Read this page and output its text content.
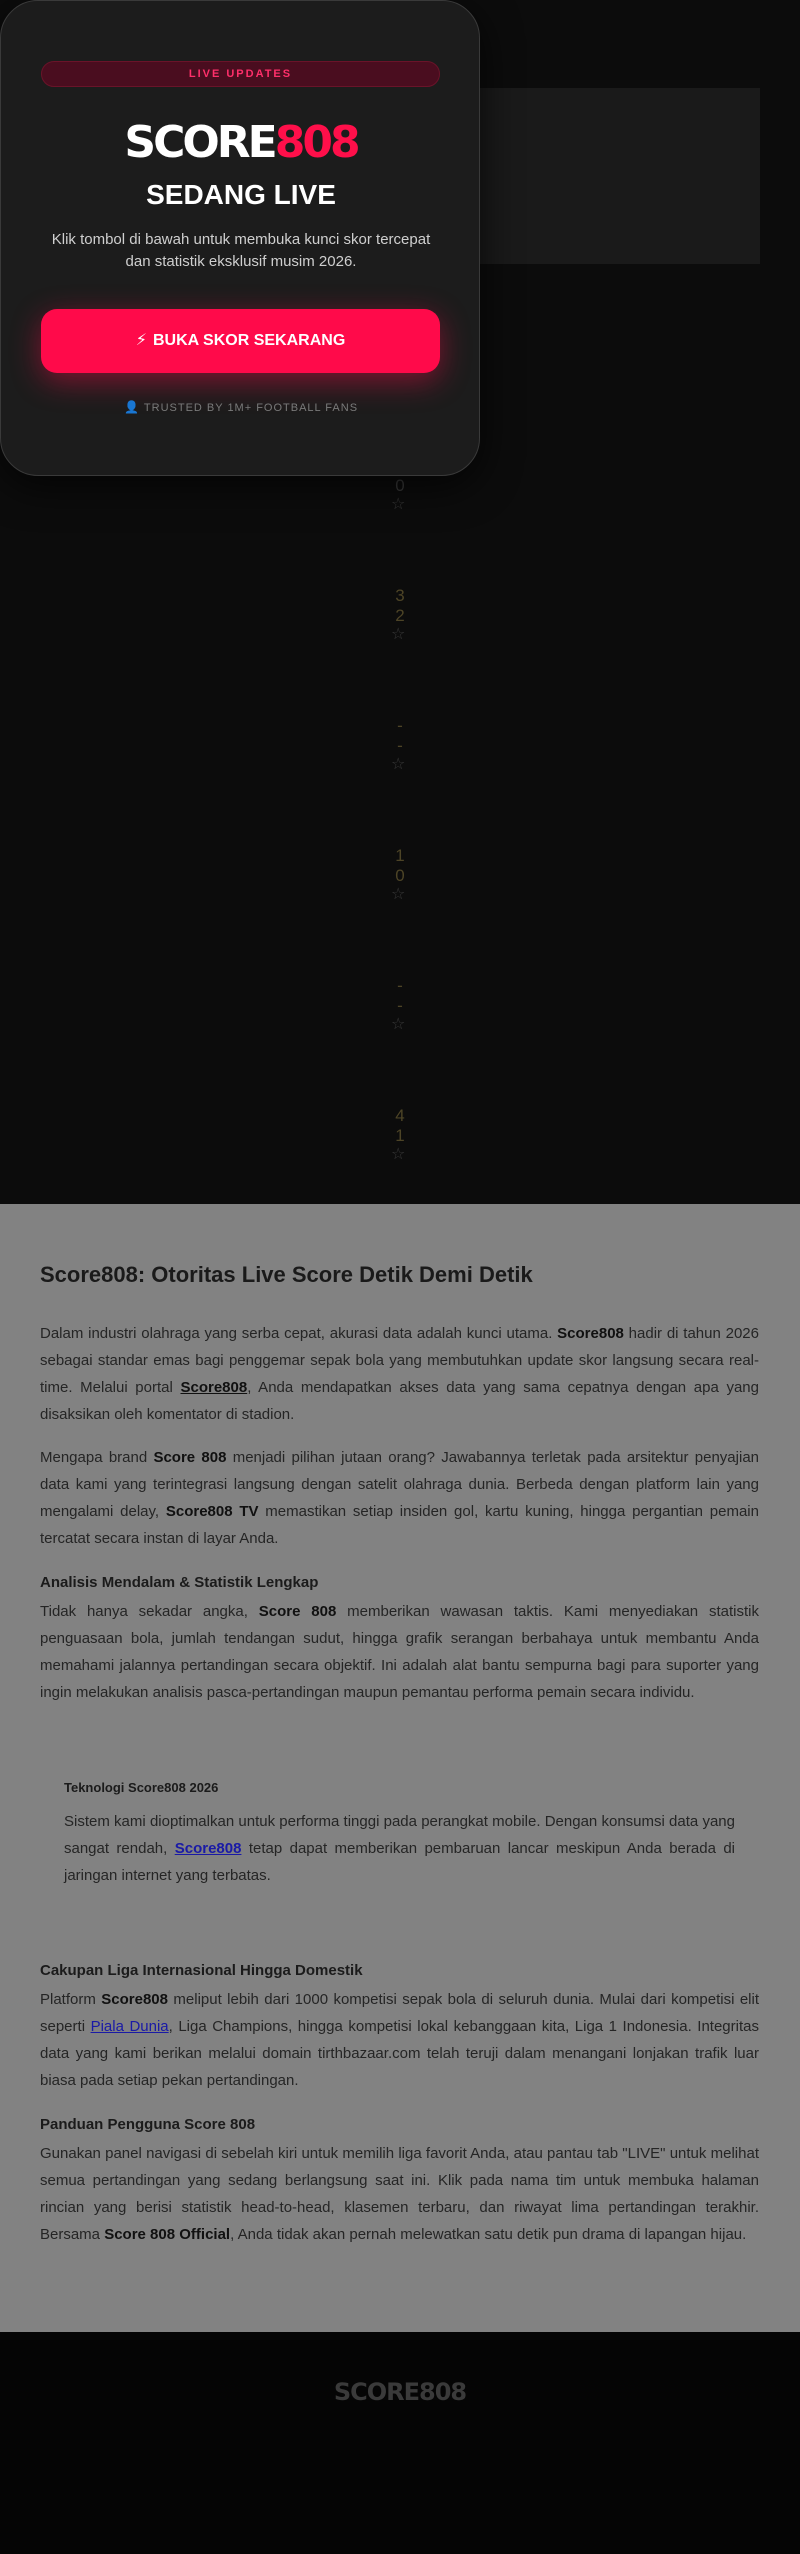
0
☆
3
2
☆
-
-
☆
1
0
☆
-
-
☆
4
1
☆
LIVE UPDATES
SCORE808
SEDANG LIVE
Klik tombol di bawah untuk membuka kunci skor tercepat dan statistik eksklusif musim 2026.
⚡ BUKA SKOR SEKARANG
👤 TRUSTED BY 1M+ FOOTBALL FANS
Score808: Otoritas Live Score Detik Demi Detik
Dalam industri olahraga yang serba cepat, akurasi data adalah kunci utama. Score808 hadir di tahun 2026 sebagai standar emas bagi penggemar sepak bola yang membutuhkan update skor langsung secara real-time. Melalui portal Score808, Anda mendapatkan akses data yang sama cepatnya dengan apa yang disaksikan oleh komentator di stadion.
Mengapa brand Score 808 menjadi pilihan jutaan orang? Jawabannya terletak pada arsitektur penyajian data kami yang terintegrasi langsung dengan satelit olahraga dunia. Berbeda dengan platform lain yang mengalami delay, Score808 TV memastikan setiap insiden gol, kartu kuning, hingga pergantian pemain tercatat secara instan di layar Anda.
Analisis Mendalam & Statistik Lengkap
Tidak hanya sekadar angka, Score 808 memberikan wawasan taktis. Kami menyediakan statistik penguasaan bola, jumlah tendangan sudut, hingga grafik serangan berbahaya untuk membantu Anda memahami jalannya pertandingan secara objektif. Ini adalah alat bantu sempurna bagi para suporter yang ingin melakukan analisis pasca-pertandingan maupun pemantau performa pemain secara individu.
Teknologi Score808 2026
Sistem kami dioptimalkan untuk performa tinggi pada perangkat mobile. Dengan konsumsi data yang sangat rendah, Score808 tetap dapat memberikan pembaruan lancar meskipun Anda berada di jaringan internet yang terbatas.
Cakupan Liga Internasional Hingga Domestik
Platform Score808 meliput lebih dari 1000 kompetisi sepak bola di seluruh dunia. Mulai dari kompetisi elit seperti Piala Dunia, Liga Champions, hingga kompetisi lokal kebanggaan kita, Liga 1 Indonesia. Integritas data yang kami berikan melalui domain tirthbazaar.com telah teruji dalam menangani lonjakan trafik luar biasa pada setiap pekan pertandingan.
Panduan Pengguna Score 808
Gunakan panel navigasi di sebelah kiri untuk memilih liga favorit Anda, atau pantau tab "LIVE" untuk melihat semua pertandingan yang sedang berlangsung saat ini. Klik pada nama tim untuk membuka halaman rincian yang berisi statistik head-to-head, klasemen terbaru, dan riwayat lima pertandingan terakhir. Bersama Score 808 Official, Anda tidak akan pernah melewatkan satu detik pun drama di lapangan hijau.
SCORE808
